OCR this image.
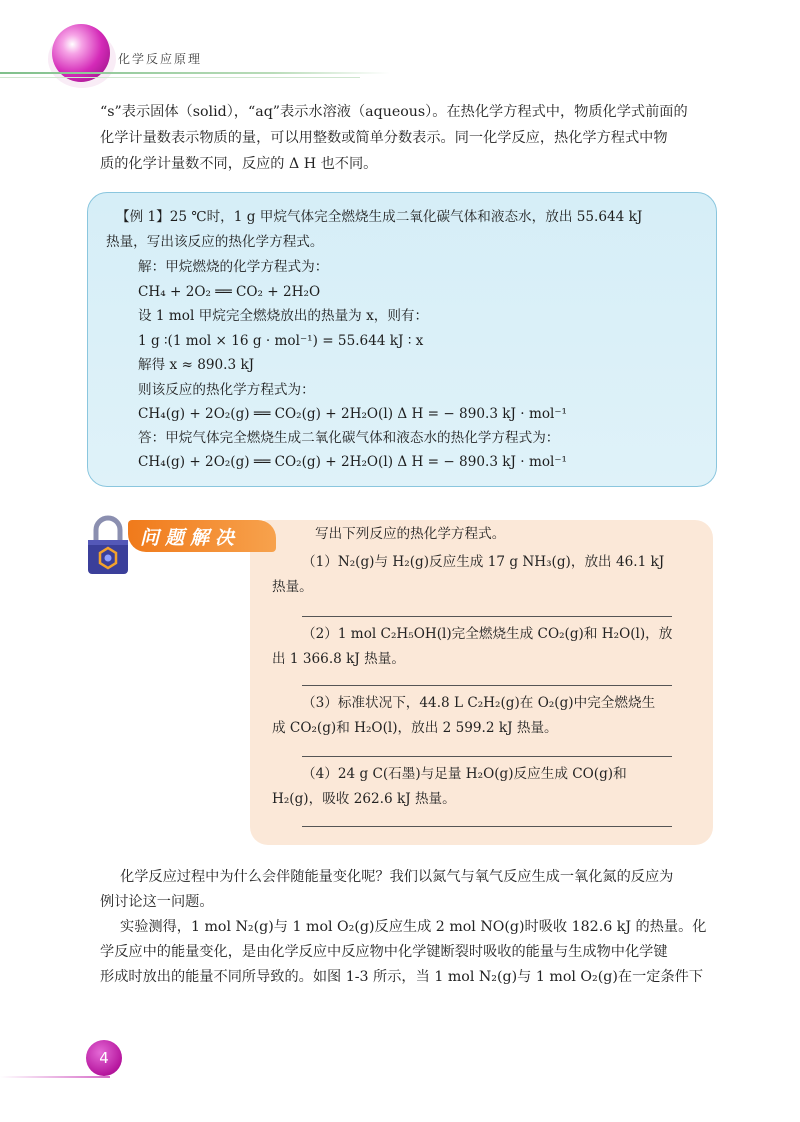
化学反应原理
“s”表示固体（solid），“aq”表示水溶液（aqueous）。在热化学方程式中，物质化学式前面的
化学计量数表示物质的量，可以用整数或简单分数表示。同一化学反应，热化学方程式中物
质的化学计量数不同，反应的 Δ H 也不同。
【例 1】25 ℃时，1 g 甲烷气体完全燃烧生成二氧化碳气体和液态水，放出 55.644 kJ
热量，写出该反应的热化学方程式。
解：甲烷燃烧的化学方程式为：
CH₄ + 2O₂ ══ CO₂ + 2H₂O
设 1 mol 甲烷完全燃烧放出的热量为 x，则有：
1 g ∶(1 mol × 16 g · mol⁻¹) = 55.644 kJ ∶ x
解得 x ≈ 890.3 kJ
则该反应的热化学方程式为：
CH₄(g) + 2O₂(g) ══ CO₂(g) + 2H₂O(l) Δ H = − 890.3 kJ · mol⁻¹
答：甲烷气体完全燃烧生成二氧化碳气体和液态水的热化学方程式为：
CH₄(g) + 2O₂(g) ══ CO₂(g) + 2H₂O(l) Δ H = − 890.3 kJ · mol⁻¹
写出下列反应的热化学方程式。
（1）N₂(g)与 H₂(g)反应生成 17 g NH₃(g)，放出 46.1 kJ
热量。
（2）1 mol C₂H₅OH(l)完全燃烧生成 CO₂(g)和 H₂O(l)，放
出 1 366.8 kJ 热量。
（3）标准状况下，44.8 L C₂H₂(g)在 O₂(g)中完全燃烧生
成 CO₂(g)和 H₂O(l)，放出 2 599.2 kJ 热量。
（4）24 g C(石墨)与足量 H₂O(g)反应生成 CO(g)和
H₂(g)，吸收 262.6 kJ 热量。
问题解决
化学反应过程中为什么会伴随能量变化呢？我们以氮气与氧气反应生成一氧化氮的反应为
例讨论这一问题。
实验测得，1 mol N₂(g)与 1 mol O₂(g)反应生成 2 mol NO(g)时吸收 182.6 kJ 的热量。化
学反应中的能量变化，是由化学反应中反应物中化学键断裂时吸收的能量与生成物中化学键
形成时放出的能量不同所导致的。如图 1-3 所示，当 1 mol N₂(g)与 1 mol O₂(g)在一定条件下
4
